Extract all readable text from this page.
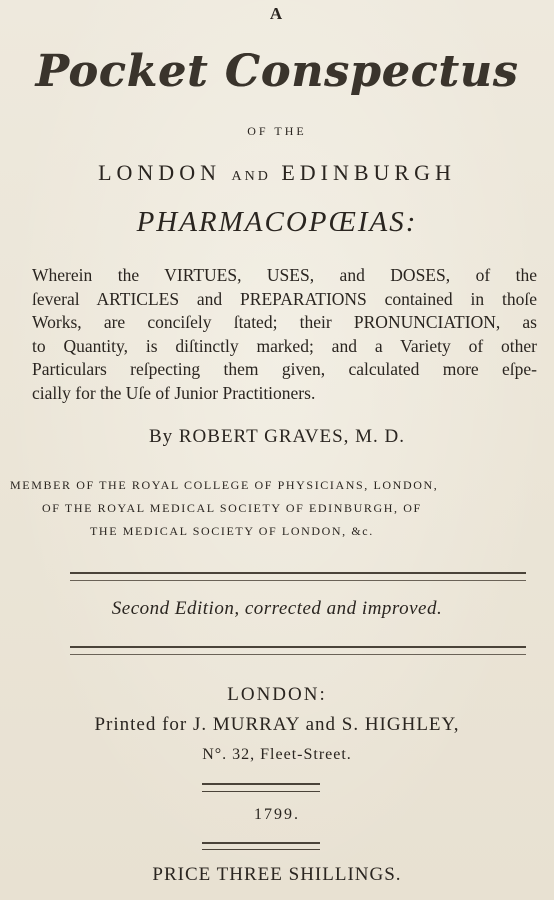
A
Pocket Conspectus
OF THE
LONDON AND EDINBURGH
PHARMACOPŒIAS:
Wherein the VIRTUES, USES, and DOSES, of the
ſeveral ARTICLES and PREPARATIONS contained in thoſe
Works, are conciſely ſtated; their PRONUNCIATION, as
to Quantity, is diſtinctly marked; and a Variety of other
Particulars reſpecting them given, calculated more eſpe-
cially for the Uſe of Junior Practitioners.
By ROBERT GRAVES, M. D.
MEMBER OF THE ROYAL COLLEGE OF PHYSICIANS, LONDON,
OF THE ROYAL MEDICAL SOCIETY OF EDINBURGH, OF
THE MEDICAL SOCIETY OF LONDON, &c.
Second Edition, corrected and improved.
LONDON:
Printed for J. MURRAY and S. HIGHLEY,
N°. 32, Fleet-Street.
1799.
PRICE THREE SHILLINGS.
